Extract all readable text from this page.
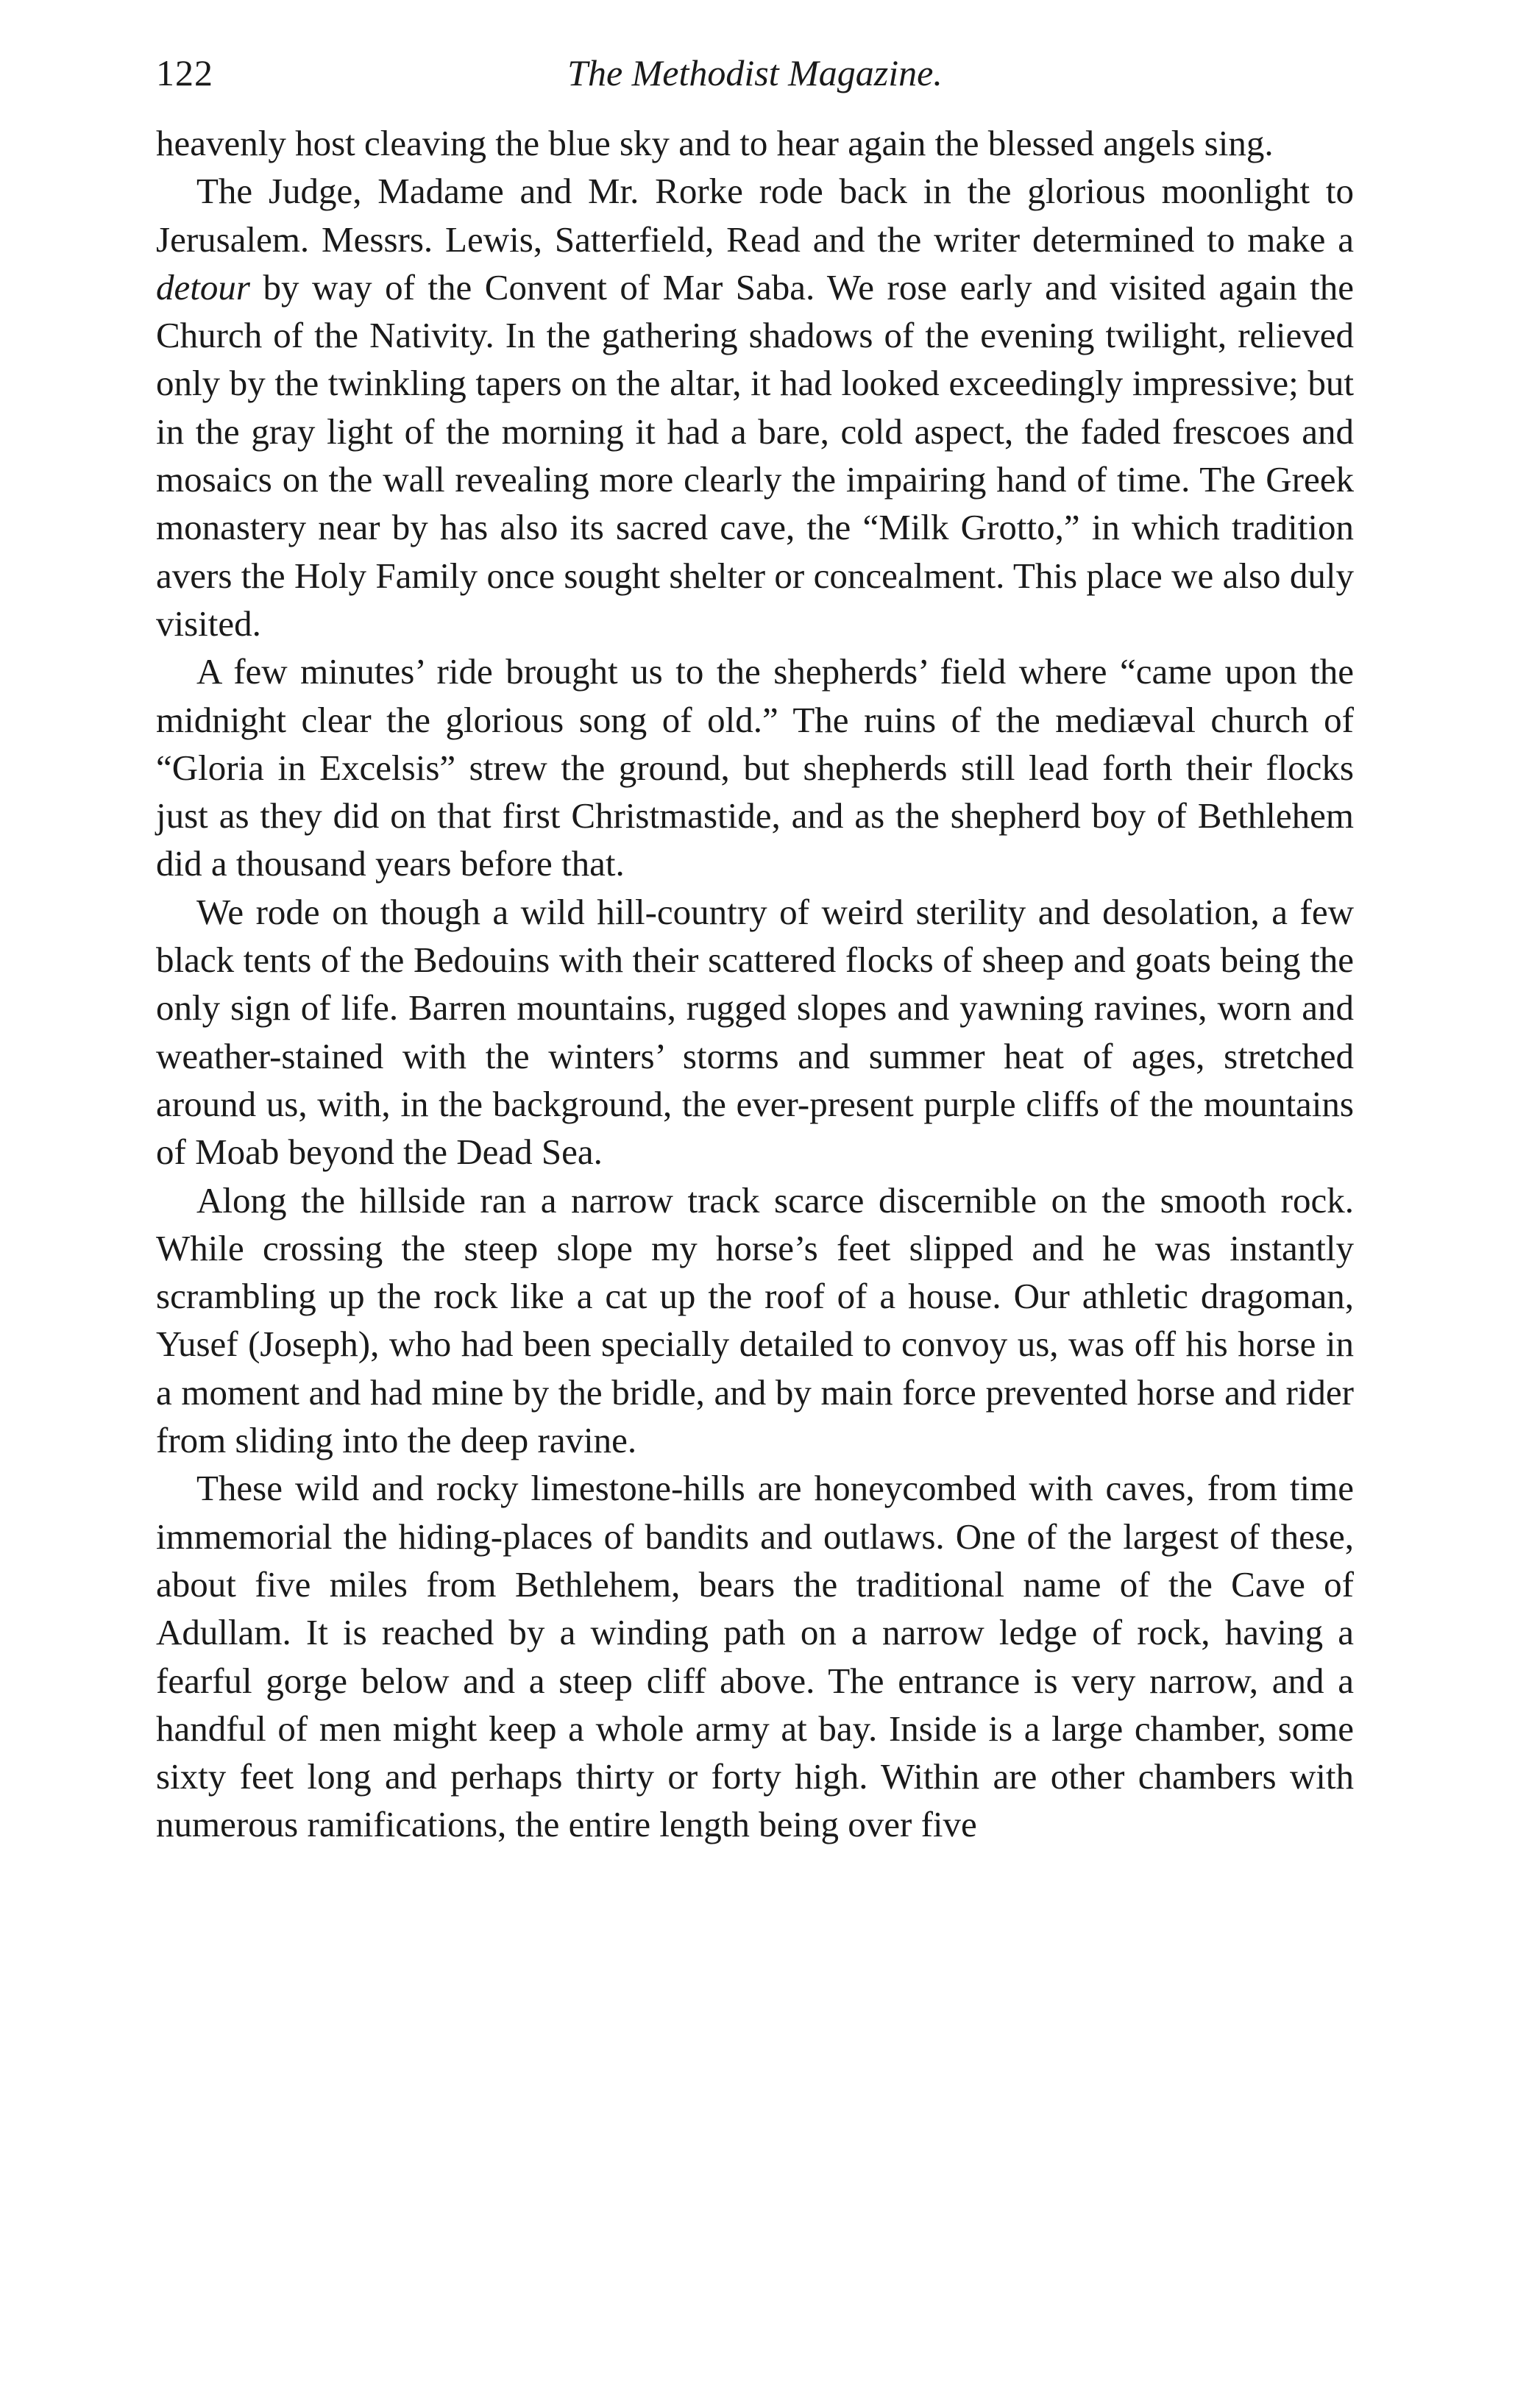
122	The Methodist Magazine.

heavenly host cleaving the blue sky and to hear again the blessed angels sing.

The Judge, Madame and Mr. Rorke rode back in the glorious moonlight to Jerusalem. Messrs. Lewis, Satterfield, Read and the writer determined to make a detour by way of the Convent of Mar Saba. We rose early and visited again the Church of the Nativity. In the gathering shadows of the evening twilight, relieved only by the twinkling tapers on the altar, it had looked exceedingly impressive; but in the gray light of the morning it had a bare, cold aspect, the faded frescoes and mosaics on the wall revealing more clearly the impairing hand of time. The Greek monastery near by has also its sacred cave, the “Milk Grotto,” in which tradition avers the Holy Family once sought shelter or concealment. This place we also duly visited.

A few minutes’ ride brought us to the shepherds’ field where “came upon the midnight clear the glorious song of old.” The ruins of the mediæval church of “Gloria in Excelsis” strew the ground, but shepherds still lead forth their flocks just as they did on that first Christmastide, and as the shepherd boy of Bethlehem did a thousand years before that.

We rode on though a wild hill-country of weird sterility and desolation, a few black tents of the Bedouins with their scattered flocks of sheep and goats being the only sign of life. Barren mountains, rugged slopes and yawning ravines, worn and weather-stained with the winters’ storms and summer heat of ages, stretched around us, with, in the background, the ever-present purple cliffs of the mountains of Moab beyond the Dead Sea.

Along the hillside ran a narrow track scarce discernible on the smooth rock. While crossing the steep slope my horse’s feet slipped and he was instantly scrambling up the rock like a cat up the roof of a house. Our athletic dragoman, Yusef (Joseph), who had been specially detailed to convoy us, was off his horse in a moment and had mine by the bridle, and by main force prevented horse and rider from sliding into the deep ravine.

These wild and rocky limestone-hills are honeycombed with caves, from time immemorial the hiding-places of bandits and outlaws. One of the largest of these, about five miles from Bethlehem, bears the traditional name of the Cave of Adullam. It is reached by a winding path on a narrow ledge of rock, having a fearful gorge below and a steep cliff above. The entrance is very narrow, and a handful of men might keep a whole army at bay. Inside is a large chamber, some sixty feet long and perhaps thirty or forty high. Within are other chambers with numerous ramifications, the entire length being over five
